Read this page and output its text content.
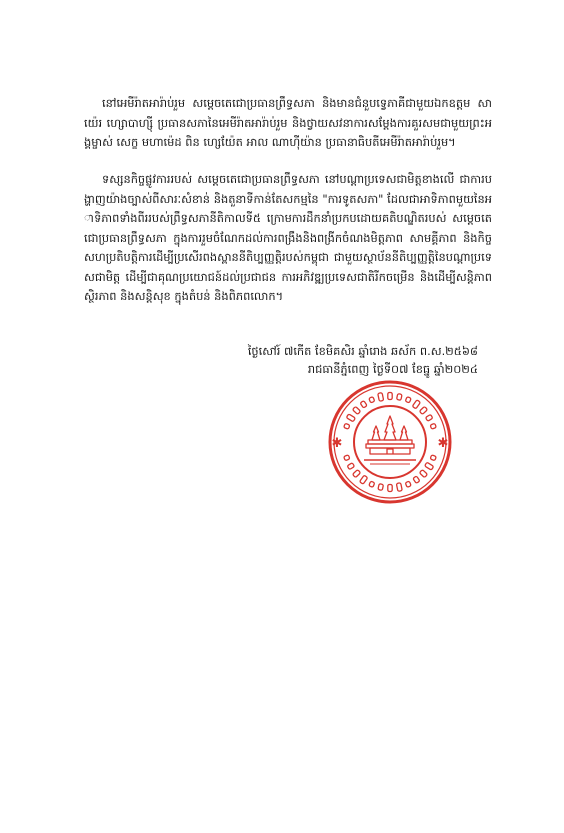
នៅអេមីរ៉ាតអារ៉ាប់រួម សម្តេចតេជោប្រធានព្រឹទ្ធសភា និងមានជំនួបទ្វេភាគីជាមួយឯកឧត្តម សាយ៉េរ ហ្សោបាហ្ស៊ី ប្រធានសភានៃអេមីរ៉ាតអារ៉ាប់រួម និងថ្វាយសវនាការសម្តែងការគួរសមជាមួយព្រះអង្គម្ចាស់ សេក្ខ មហាម៉េដ ពិន ហ្សេយ៉ែត អាល ណាហ៊ីយ៉ាន ប្រធានាធិបតីអេមីរ៉ាតអារ៉ាប់រួម។

ទស្សនកិច្ចផ្លូវការរបស់ សម្តេចតេជោប្រធានព្រឹទ្ធសភា នៅបណ្តាប្រទេសជាមិត្តខាងលើ ជាការបង្ហាញយ៉ាងច្បាស់ពីសារៈសំខាន់ និងតួនាទីកាន់តែសកម្មនៃ "ការទូតសភា" ដែលជាអាទិភាពមួយនៃអាទិភាពទាំងពីររបស់ព្រឹទ្ធសភានីតិកាលទី៥ ក្រោមការដឹកនាំប្រកបដោយគតិបណ្ឌិតរបស់ សម្តេចតេជោប្រធានព្រឹទ្ធសភា ក្នុងការរួមចំណែកដល់ការពង្រឹងនិងពង្រីកចំណងមិត្តភាព សាមគ្គីភាព និងកិច្ចសហប្រតិបត្តិការដើម្បីប្រសើរពងស្ពាននីតិប្បញ្ញត្តិរបស់កម្ពុជា ជាមួយស្ថាប័ននីតិប្បញ្ញត្តិនៃបណ្តាប្រទេសជាមិត្ត ដើម្បីជាគុណប្រយោជន៍ដល់ប្រជាជន ការអភិវឌ្ឍប្រទេសជាតិរីកចម្រើន និងដើម្បីសន្តិភាព ស្ថិរភាព និងសន្តិសុខ ក្នុងតំបន់ និងពិភពលោក។

ថ្ងៃសៅរ៍ ៧កើត ខែមិគសិរ ឆ្នាំរោង ឆស័ក ព.ស.២៥៦៨
រាជធានីភ្នំពេញ ថ្ងៃទី០៧ ខែធ្នូ ឆ្នាំ២០២៤
✱	✱
